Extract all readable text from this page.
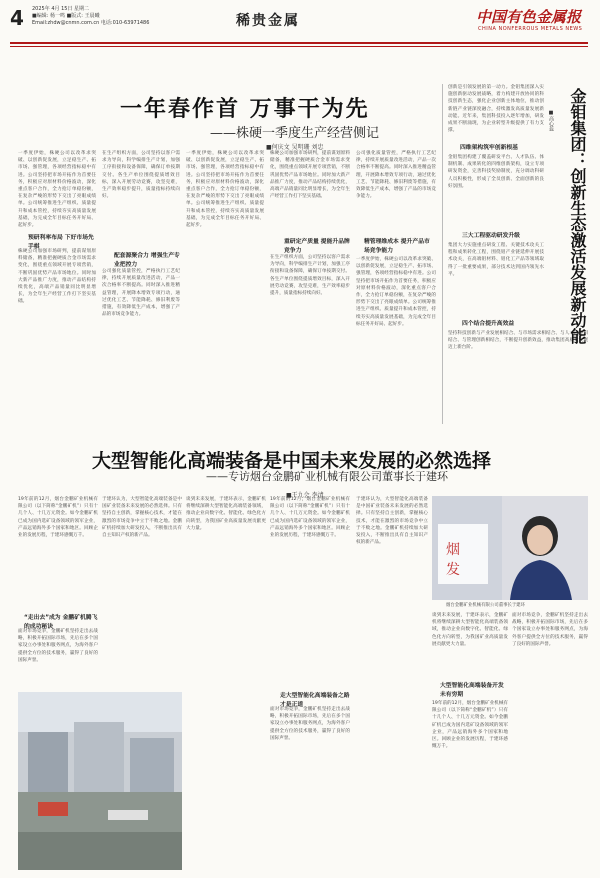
4 2025年 4月 15日 星期二
■编辑: 杨一鸣 ■版式: 王晨曦
Email:zhdw@cnmn.com.cn 电话:010-63971486	稀贵金属	中国有色金属报
CHINA NONFERROUS METALS NEWS
一年春作首 万事干为先
——株硬一季度生产经营侧记
■何庆文 吴明珊 刘忠
一季度伊始，株硬公司以改革求突破、以创新促发展，立足稳生产、拓市场、强管理，各项经营指标稳中有进。公司坚持把市场开拓作为首要任务，积极应对原材料价格波动，深化重点客户合作，全力抢订单稳份额，在复杂严峻的形势下交出了亮眼成绩单。公司统筹推进生产组织、质量提升和成本管控，持续夯实高质量发展基础，为完成全年目标任务开好局、起好步。
预研利率布局 下好市场先手棋
株硬公司加强市场研判，提前谋划原料储备，精准把握硬质合金市场需求变化，围绕重点领域开展专项营销，不断巩固优势产品市场地位。同时加大新产品推广力度，推动产品结构持续优化，高端产品销量同比明显增长，为全年生产经营工作打下坚实基础。
在生产组织方面，公司坚持以客户需求为导向，科学编排生产计划，加强工序衔接和设备保障，确保订单按期交付。各生产单位围绕提质增效目标，深入开展劳动竞赛，攻坚克难，生产效率稳步提升，质量指标持续向好。
配套源聚合力 增强生产专业把控力
公司强化质量管控，严格执行工艺纪律，持续开展质量改进活动，产品一次合格率不断提高。同时深入推进精益管理，开展降本增效专项行动，通过优化工艺、节能降耗、修旧利废等措施，有效降低生产成本，增强了产品的市场竞争能力。
一季度伊始，株硬公司以改革求突破、以创新促发展，立足稳生产、拓市场、强管理，各项经营指标稳中有进。公司坚持把市场开拓作为首要任务，积极应对原材料价格波动，深化重点客户合作，全力抢订单稳份额，在复杂严峻的形势下交出了亮眼成绩单。公司统筹推进生产组织、质量提升和成本管控，持续夯实高质量发展基础，为完成全年目标任务开好局、起好步。
株硬公司加强市场研判，提前谋划原料储备，精准把握硬质合金市场需求变化，围绕重点领域开展专项营销，不断巩固优势产品市场地位。同时加大新产品推广力度，推动产品结构持续优化，高端产品销量同比明显增长，为全年生产经营工作打下坚实基础。
重研定产质量 提能升品牌竞争力
在生产组织方面，公司坚持以客户需求为导向，科学编排生产计划，加强工序衔接和设备保障，确保订单按期交付。各生产单位围绕提质增效目标，深入开展劳动竞赛，攻坚克难，生产效率稳步提升，质量指标持续向好。
公司强化质量管控，严格执行工艺纪律，持续开展质量改进活动，产品一次合格率不断提高。同时深入推进精益管理，开展降本增效专项行动，通过优化工艺、节能降耗、修旧利废等措施，有效降低生产成本，增强了产品的市场竞争能力。
精管理维成本 提升产品市场竞争能力
一季度伊始，株硬公司以改革求突破、以创新促发展，立足稳生产、拓市场、强管理，各项经营指标稳中有进。公司坚持把市场开拓作为首要任务，积极应对原材料价格波动，深化重点客户合作，全力抢订单稳份额，在复杂严峻的形势下交出了亮眼成绩单。公司统筹推进生产组织、质量提升和成本管控，持续夯实高质量发展基础，为完成全年目标任务开好局、起好步。
创新是引领发展的第一动力。金钼集团深入实施创新驱动发展战略，着力构建开放协同的科技创新生态，强化企业创新主体地位，推动创新链产业链深度融合，持续激发高质量发展新动能。近年来，集团科技投入逐年增加，研发成果不断涌现，为企业转型升级提供了有力支撑。
四维架构筑牢创新根基
金钼集团构建了覆盖研发平台、人才队伍、体制机制、成果转化的四维创新架构，设立专项研发资金，完善科技奖励制度，充分调动科研人员积极性，形成了全员创新、全面创新的良好氛围。
三大工程驱动研发升级
集团大力实施重点研发工程、关键技术攻关工程和成果转化工程，围绕钼产业链延伸开展技术攻关，在高端钼材料、钼化工产品等领域取得了一批重要成果，部分技术达到国内领先水平。
四个结合提升高效益
坚持科技创新与产业发展相结合、与市场需求相结合、与人才培养相结合、与管理创新相结合，不断提升创新效益，推动集团高质量发展迈上新台阶。
金钼集团：创新生态激活发展新动能
■高心蕊
大型智能化高端装备是中国未来发展的必然选择
——专访烟台金鹏矿业机械有限公司董事长于建环
■王九会 李清
19年前的12月，烟台金鹏矿业机械有限公司（以下简称“金鹏矿机”）只有十几个人、十几万元资金。如今金鹏矿机已成为国内选矿设备领域的领军企业，产品远销海外多个国家和地区。回顾企业的发展历程，于建环感慨万千。
“走出去”成为 金鹏矿机腾飞的成功秘诀
面对市场竞争，金鹏矿机坚持走出去战略，积极开拓国际市场，先后在多个国家设立办事处和服务网点，为海外客户提供全方位的技术服务，赢得了良好的国际声誉。
于建环认为，大型智能化高端装备是中国矿业装备未来发展的必然选择。只有坚持自主创新，掌握核心技术，才能在激烈的市场竞争中立于不败之地。金鹏矿机持续加大研发投入，不断推出具有自主知识产权的新产品。
谈到未来发展，于建环表示，金鹏矿机将继续深耕大型智能化高端装备领域，推动企业向数字化、智能化、绿色化方向转型，为我国矿业高质量发展贡献更大力量。
19年前的12月，烟台金鹏矿业机械有限公司（以下简称“金鹏矿机”）只有十几个人、十几万元资金。如今金鹏矿机已成为国内选矿设备领域的领军企业，产品远销海外多个国家和地区。回顾企业的发展历程，于建环感慨万千。
走大型智能化高端装备之路 才是正道
面对市场竞争，金鹏矿机坚持走出去战略，积极开拓国际市场，先后在多个国家设立办事处和服务网点，为海外客户提供全方位的技术服务，赢得了良好的国际声誉。
于建环认为，大型智能化高端装备是中国矿业装备未来发展的必然选择。只有坚持自主创新，掌握核心技术，才能在激烈的市场竞争中立于不败之地。金鹏矿机持续加大研发投入，不断推出具有自主知识产权的新产品。	烟
发
烟台金鹏矿业机械有限公司董事长于建环
谈到未来发展，于建环表示，金鹏矿机将继续深耕大型智能化高端装备领域，推动企业向数字化、智能化、绿色化方向转型，为我国矿业高质量发展贡献更大力量。
大型智能化高端装备开发 未有穷期
19年前的12月，烟台金鹏矿业机械有限公司（以下简称“金鹏矿机”）只有十几个人、十几万元资金。如今金鹏矿机已成为国内选矿设备领域的领军企业，产品远销海外多个国家和地区。回顾企业的发展历程，于建环感慨万千。
面对市场竞争，金鹏矿机坚持走出去战略，积极开拓国际市场，先后在多个国家设立办事处和服务网点，为海外客户提供全方位的技术服务，赢得了良好的国际声誉。
